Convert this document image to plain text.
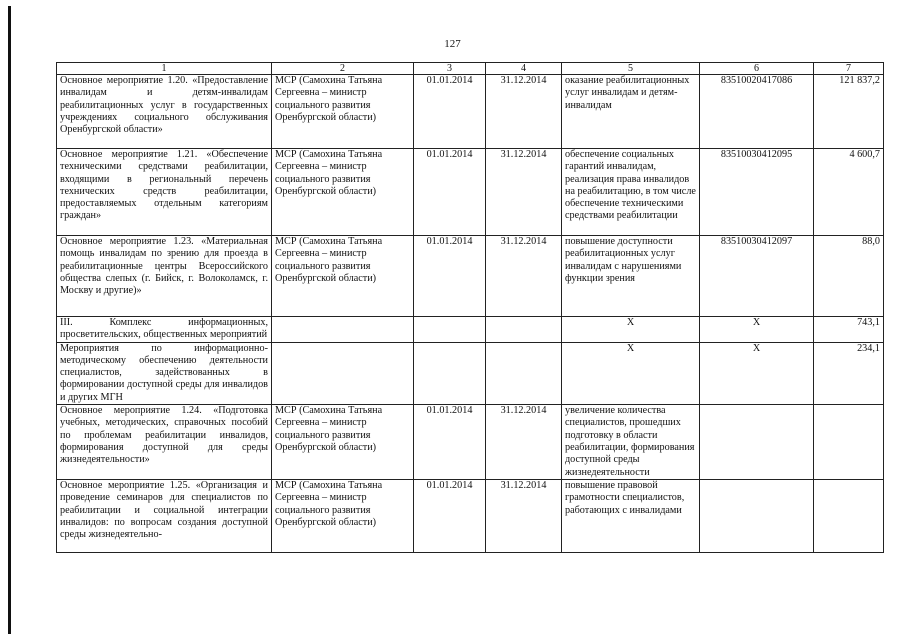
127
1	2	3	4	5	6	7
Основное мероприятие 1.20. «Предоставление инвалидам и детям-инвалидам реабилитационных услуг в государственных учреждениях социального обслуживания Оренбургской области»	МСР (Самохина Татьяна Сергеевна – министр социального развития Оренбургской области)	01.01.2014	31.12.2014	оказание реабилитационных услуг инвалидам и детям-инвалидам	83510020417086	121 837,2
Основное мероприятие 1.21. «Обеспечение техническими средствами реабилитации, входящими в региональный перечень технических средств реабилитации, предоставляемых отдельным категориям граждан»	МСР (Самохина Татьяна Сергеевна – министр социального развития Оренбургской области)	01.01.2014	31.12.2014	обеспечение социальных гарантий инвалидам, реализация права инвалидов на реабилитацию, в том числе обеспечение техническими средствами реабилитации	83510030412095	4 600,7
Основное мероприятие 1.23. «Материальная помощь инвалидам по зрению для проезда в реабилитационные центры Всероссийского общества слепых (г. Бийск, г. Волоколамск, г. Москву и другие)»	МСР (Самохина Татьяна Сергеевна – министр социального развития Оренбургской области)	01.01.2014	31.12.2014	повышение доступности реабилитационных услуг инвалидам с нарушениями функции зрения	83510030412097	88,0
III. Комплекс информационных, просветительских, общественных мероприятий				Х	Х	743,1
Мероприятия по информационно-методическому обеспечению деятельности специалистов, задействованных в формировании доступной среды для инвалидов и других МГН				Х	Х	234,1
Основное мероприятие 1.24. «Подготовка учебных, методических, справочных пособий по проблемам реабилитации инвалидов, формирования доступной для среды жизнедеятельности»	МСР (Самохина Татьяна Сергеевна – министр социального развития Оренбургской области)	01.01.2014	31.12.2014	увеличение количества специалистов, прошедших подготовку в области реабилитации, формирования доступной среды жизнедеятельности		
Основное мероприятие 1.25. «Организация и проведение семинаров для специалистов по реабилитации и социальной интеграции инвалидов: по вопросам создания доступной среды жизнедеятельно-	МСР (Самохина Татьяна Сергеевна – министр социального развития Оренбургской области)	01.01.2014	31.12.2014	повышение правовой грамотности специалистов, работающих с инвалидами		
